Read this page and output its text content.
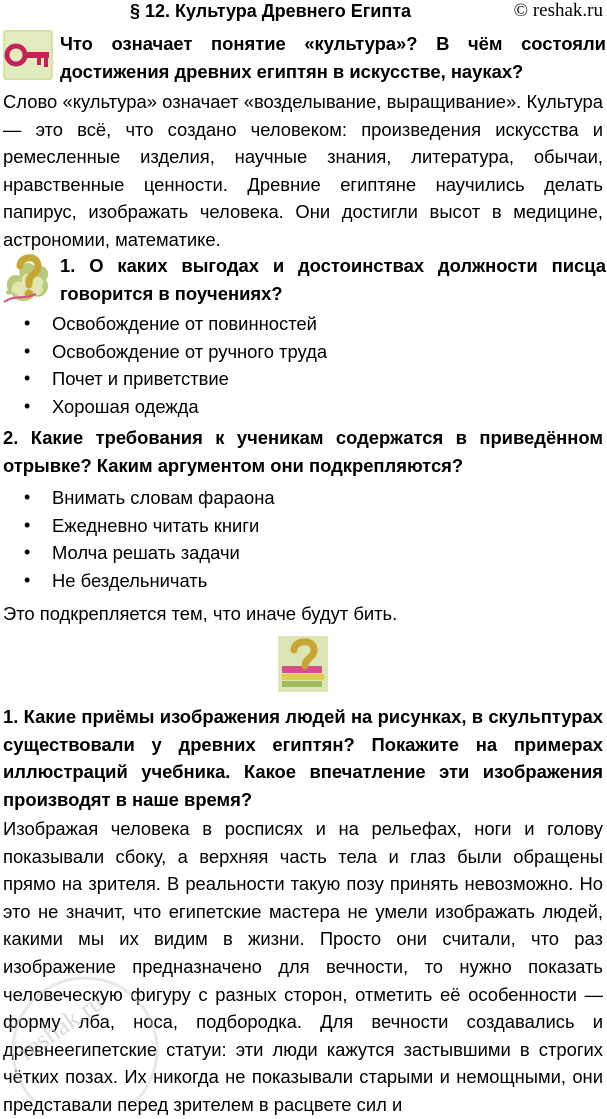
§ 12. Культура Древнего Египта	© reshak.ru
Что означает понятие «культура»? В чём состояли достижения древних египтян в искусстве, науках?
Слово «культура» означает «возделывание, выращивание». Культура — это всё, что создано человеком: произведения искусства и ремесленные изделия, научные знания, литература, обычаи, нравственные ценности. Древние египтяне научились делать папирус, изображать человека. Они достигли высот в медицине, астрономии, математике.
1. О каких выгодах и достоинствах должности писца говорится в поучениях?
• Освобождение от повинностей
• Освобождение от ручного труда
• Почет и приветствие
• Хорошая одежда
2. Какие требования к ученикам содержатся в приведённом отрывке? Каким аргументом они подкрепляются?
• Внимать словам фараона
• Ежедневно читать книги
• Молча решать задачи
• Не бездельничать
Это подкрепляется тем, что иначе будут бить.
1. Какие приёмы изображения людей на рисунках, в скульптурах существовали у древних египтян? Покажите на примерах иллюстраций учебника. Какое впечатление эти изображения производят в наше время?
Изображая человека в росписях и на рельефах, ноги и голову показывали сбоку, а верхняя часть тела и глаз были обращены прямо на зрителя. В реальности такую позу принять невозможно. Но это не значит, что египетские мастера не умели изображать людей, какими мы их видим в жизни. Просто они считали, что раз изображение предназначено для вечности, то нужно показать человеческую фигуру с разных сторон, отметить её особенности — форму лба, носа, подбородка. Для вечности создавались и древнеегипетские статуи: эти люди кажутся застывшими в строгих чётких позах. Их никогда не показывали старыми и немощными, они представали перед зрителем в расцвете сил и
reshak.ru
